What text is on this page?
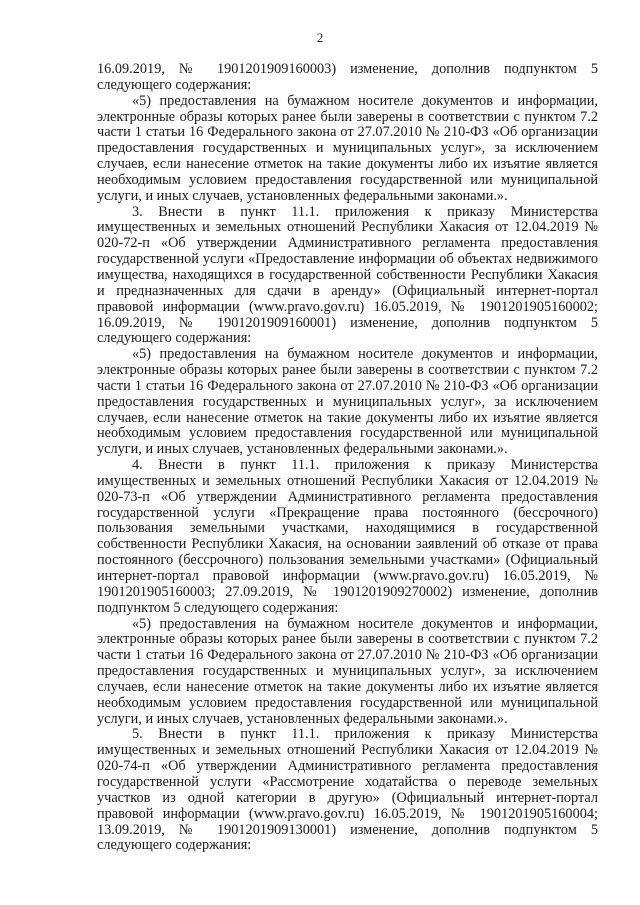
2

16.09.2019, № 1901201909160003) изменение, дополнив подпунктом 5 следующего содержания:

«5) предоставления на бумажном носителе документов и информации, электронные образы которых ранее были заверены в соответствии с пунктом 7.2 части 1 статьи 16 Федерального закона от 27.07.2010 № 210-ФЗ «Об организации предоставления государственных и муниципальных услуг», за исключением случаев, если нанесение отметок на такие документы либо их изъятие является необходимым условием предоставления государственной или муниципальной услуги, и иных случаев, установленных федеральными законами.».

3. Внести в пункт 11.1. приложения к приказу Министерства имущественных и земельных отношений Республики Хакасия от 12.04.2019 № 020-72-п «Об утверждении Административного регламента предоставления государственной услуги «Предоставление информации об объектах недвижимого имущества, находящихся в государственной собственности Республики Хакасия и предназначенных для сдачи в аренду» (Официальный интернет-портал правовой информации (www.pravo.gov.ru) 16.05.2019, № 1901201905160002; 16.09.2019, № 1901201909160001) изменение, дополнив подпунктом 5 следующего содержания:

«5) предоставления на бумажном носителе документов и информации, электронные образы которых ранее были заверены в соответствии с пунктом 7.2 части 1 статьи 16 Федерального закона от 27.07.2010 № 210-ФЗ «Об организации предоставления государственных и муниципальных услуг», за исключением случаев, если нанесение отметок на такие документы либо их изъятие является необходимым условием предоставления государственной или муниципальной услуги, и иных случаев, установленных федеральными законами.».

4. Внести в пункт 11.1. приложения к приказу Министерства имущественных и земельных отношений Республики Хакасия от 12.04.2019 № 020-73-п «Об утверждении Административного регламента предоставления государственной услуги «Прекращение права постоянного (бессрочного) пользования земельными участками, находящимися в государственной собственности Республики Хакасия, на основании заявлений об отказе от права постоянного (бессрочного) пользования земельными участками» (Официальный интернет-портал правовой информации (www.pravo.gov.ru) 16.05.2019, № 1901201905160003; 27.09.2019, № 1901201909270002) изменение, дополнив подпунктом 5 следующего содержания:

«5) предоставления на бумажном носителе документов и информации, электронные образы которых ранее были заверены в соответствии с пунктом 7.2 части 1 статьи 16 Федерального закона от 27.07.2010 № 210-ФЗ «Об организации предоставления государственных и муниципальных услуг», за исключением случаев, если нанесение отметок на такие документы либо их изъятие является необходимым условием предоставления государственной или муниципальной услуги, и иных случаев, установленных федеральными законами.».

5. Внести в пункт 11.1. приложения к приказу Министерства имущественных и земельных отношений Республики Хакасия от 12.04.2019 № 020-74-п «Об утверждении Административного регламента предоставления государственной услуги «Рассмотрение ходатайства о переводе земельных участков из одной категории в другую» (Официальный интернет-портал правовой информации (www.pravo.gov.ru) 16.05.2019, № 1901201905160004; 13.09.2019, № 1901201909130001) изменение, дополнив подпунктом 5 следующего содержания:
